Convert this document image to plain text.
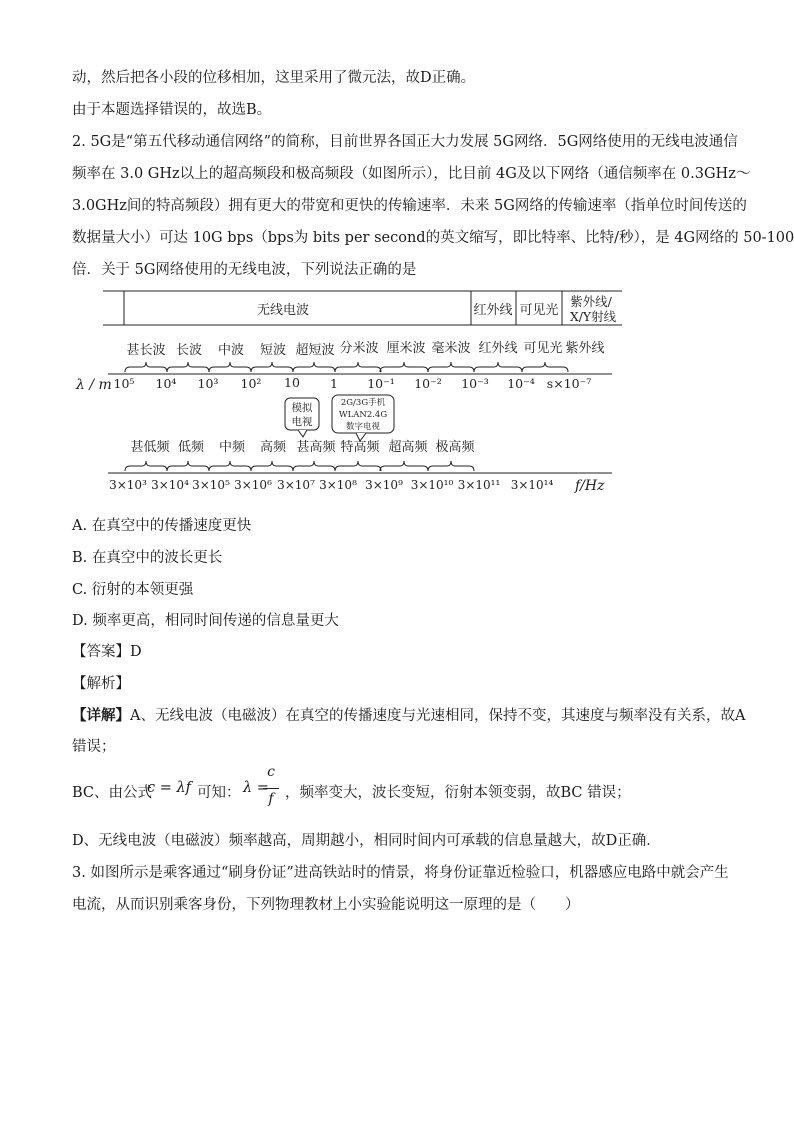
动，然后把各小段的位移相加，这里采用了微元法，故D正确。
由于本题选择错误的，故选B。
2. 5G是“第五代移动通信网络”的简称，目前世界各国正大力发展 5G网络．5G网络使用的无线电波通信
频率在 3.0 GHz以上的超高频段和极高频段（如图所示），比目前 4G及以下网络（通信频率在 0.3GHz～
3.0GHz间的特高频段）拥有更大的带宽和更快的传输速率．未来 5G网络的传输速率（指单位时间传送的
数据量大小）可达 10G bps（bps为 bits per second的英文缩写，即比特率、比特/秒），是 4G网络的 50-100
倍．关于 5G网络使用的无线电波，下列说法正确的是
无线电波	红外线 可见光
紫外线/
X/Y射线
甚长波 长波 中波 短波 超短波 分米波 厘米波 毫米波 红外线 可见光 紫外线
λ / m 10⁵ 10⁴ 10³ 10² 10 1 10⁻¹ 10⁻² 10⁻³ 10⁻⁴ s×10⁻⁷
模拟
电视
2G/3G手机
WLAN2.4G
数字电视
甚低频 低频 中频 高频 甚高频 特高频 超高频 极高频
3×10³ 3×10⁴ 3×10⁵ 3×10⁶ 3×10⁷ 3×10⁸ 3×10⁹ 3×10¹⁰ 3×10¹¹ 3×10¹⁴ f/Hz
A. 在真空中的传播速度更快
B. 在真空中的波长更长
C. 衍射的本领更强
D. 频率更高，相同时间传递的信息量更大
【答案】D
【解析】
【详解】A、无线电波（电磁波）在真空的传播速度与光速相同，保持不变，其速度与频率没有关系，故A
错误；
BC、由公式
c = λf 可知： λ =
c
f ，频率变大，波长变短，衍射本领变弱，故BC 错误；
D、无线电波（电磁波）频率越高，周期越小，相同时间内可承载的信息量越大，故D正确．
3. 如图所示是乘客通过“刷身份证”进高铁站时的情景，将身份证靠近检验口，机器感应电路中就会产生
电流，从而识别乘客身份，下列物理教材上小实验能说明这一原理的是（　　）
